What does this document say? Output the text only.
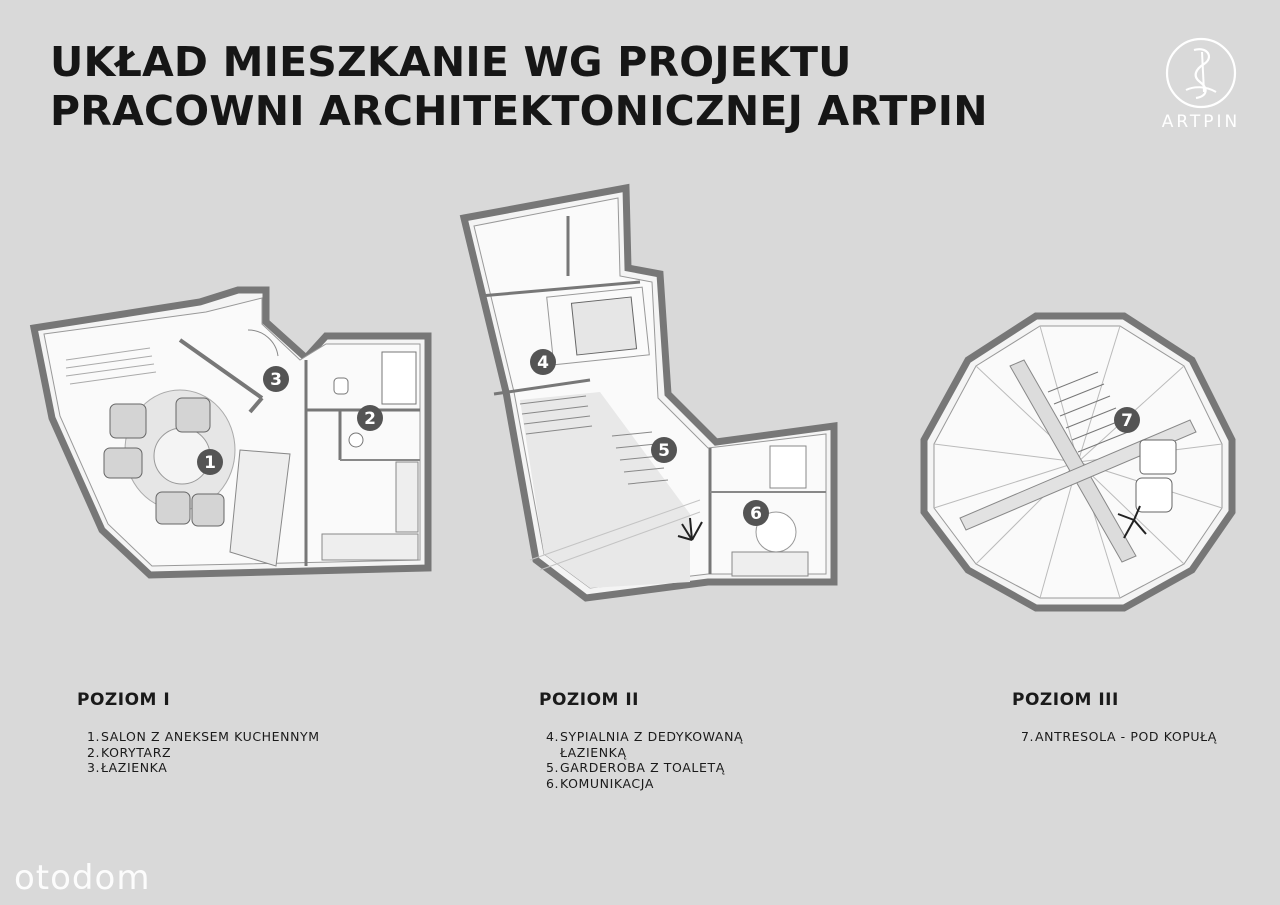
UKŁAD MIESZKANIE WG PROJEKTU
PRACOWNI ARCHITEKTONICZNEJ ARTPIN	ARTPIN
1
2
3
4
5
6
7
POZIOM I
1. SALON Z ANEKSEM KUCHENNYM
2. KORYTARZ
3. ŁAZIENKA
POZIOM II
4. SYPIALNIA Z DEDYKOWANĄ ŁAZIENKĄ
5. GARDEROBA Z TOALETĄ
6. KOMUNIKACJA
POZIOM III
7. ANTRESOLA - POD KOPUŁĄ
otodom
